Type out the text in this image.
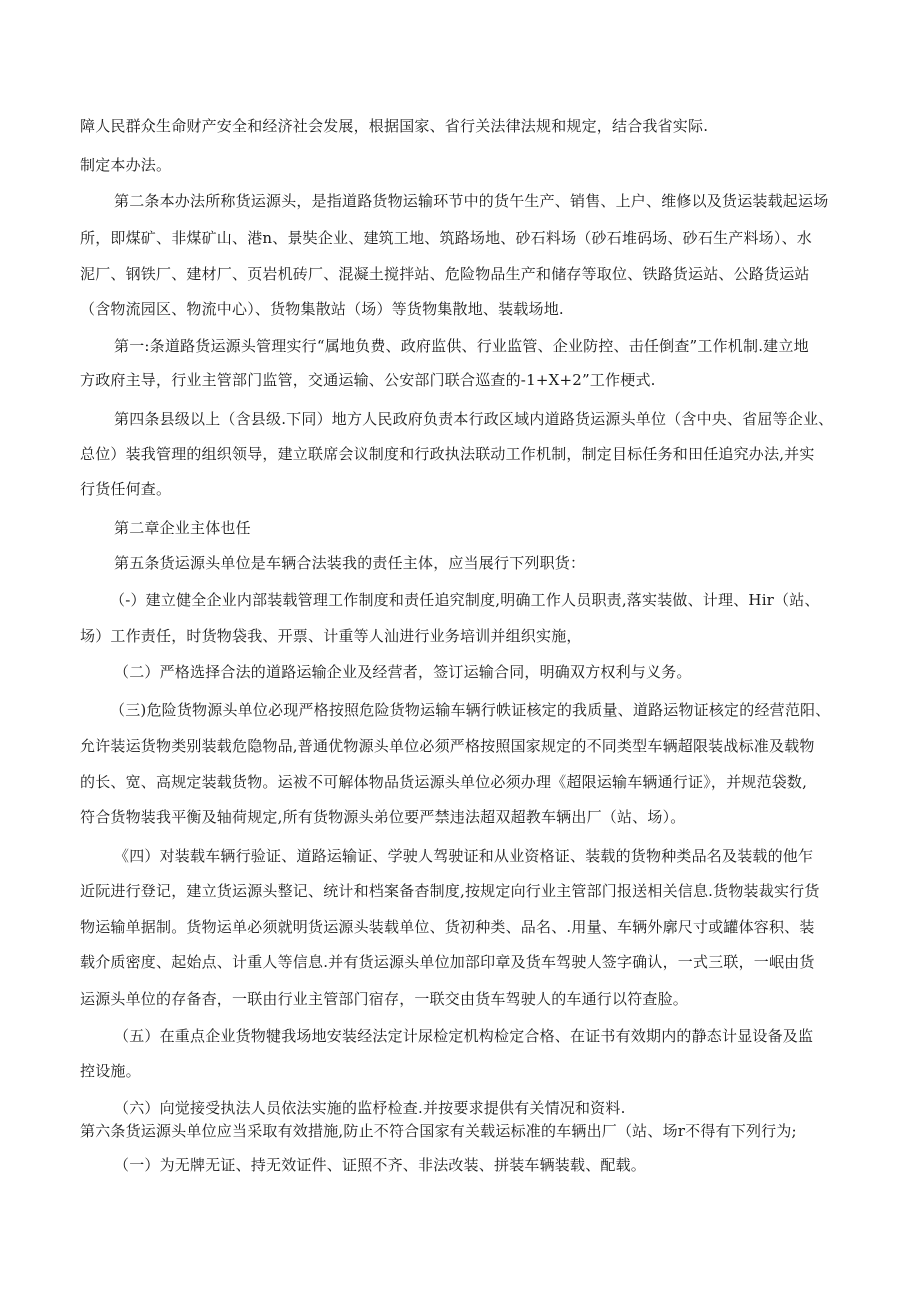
障人民群众生命财产安全和经济社会发展，根据国家、省行关法律法规和规定，结合我省实际.

制定本办法。

第二条本办法所称货运源头，是指道路货物运输环节中的货午生产、销售、上户、维修以及货运装载起运场

所，即煤矿、非煤矿山、港n、景奘企业、建筑工地、筑路场地、砂石料场（砂石堆码场、砂石生产料场）、水

泥厂、钢铁厂、建材厂、页岩机砖厂、混凝土搅拌站、危险物品生产和储存等取位、铁路货运站、公路货运站

（含物流园区、物流中心）、货物集散站（场）等货物集散地、装载场地.

第一:条道路货运源头管理实行“属地负费、政府监供、行业监管、企业防控、击任倒查”工作机制.建立地

方政府主导，行业主管部门监管，交通运输、公安部门联合巡查的-1+X+2”工作梗式.

第四条县级以上（含县级.下同）地方人民政府负责本行政区域内道路货运源头单位（含中央、省屈等企业、

总位）装我管理的组织领导，建立联席会议制度和行政执法联动工作机制，制定目标任务和田任追究办法,并实

行货任何查。

第二章企业主体也任

第五条货运源头单位是车辆合法装我的责任主体，应当展行下列职货：

（-）建立健全企业内部装载管理工作制度和责任追究制度,明确工作人员职责,落实装做、计理、Hir（站、

场）工作责任，时货物袋我、开票、计重等人汕进行业务培训并组织实施，

（二）严格选择合法的道路运输企业及经营者，签订运输合同，明确双方权利与义务。

（三)危险货物源头单位必现严格按照危险货物运输车辆行帙证核定的我质量、道路运物证核定的经营范阳、

允许装运货物类别装载危隐物品,普通优物源头单位必须严格按照国家规定的不同类型车辆超限装战标准及载物

的长、宽、高规定装载货物。运袚不可解体物品货运源头单位必须办理《超限运输车辆通行证》，并规范袋数,

符合货物装我平衡及轴荷规定,所有货物源头弟位要严禁违法超双超教车辆出厂（站、场）。

《四）对装载车辆行验证、道路运输证、学驶人驾驶证和从业资格证、装载的货物种类品名及装载的他乍

近阮进行登记，建立货运源头整记、统计和档案备杳制度,按规定向行业主管部门报送相关信息.货物装裁实行货

物运输单据制。货物运单必须就明货运源头装载单位、货初种类、品名、.用量、车辆外廓尺寸或罐体容积、装

载介质密度、起始点、计重人等信息.并有货运源头单位加部印章及货车驾驶人签字确认，一式三联，一岷由货

运源头单位的存备杳，一联由行业主管部门宿存，一联交由货车驾驶人的车通行以符查脸。

（五）在重点企业货物犍我场地安装经法定计尿检定机构检定合格、在证书有效期内的静态计显设备及监

控设施。

（六）向觉接受执法人员依法实施的监杼检查.并按要求提供有关情况和资料.

第六条货运源头单位应当采取有效措施,防止不符合国家有关载运标准的车辆出厂（站、场r不得有下列行为;

（一）为无牌无证、持无效证件、证照不齐、非法改装、拼装车辆装载、配载。
